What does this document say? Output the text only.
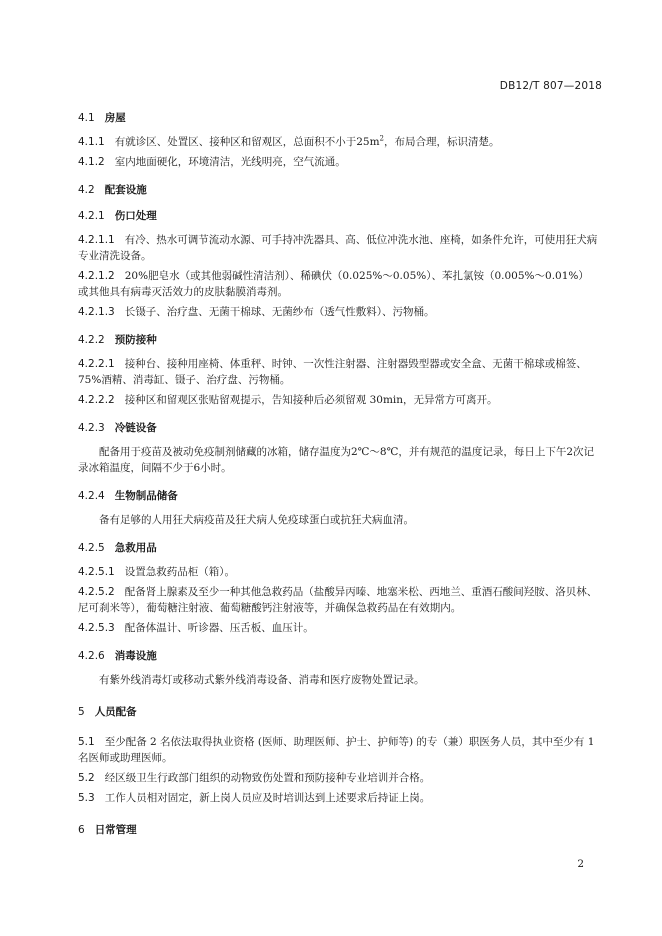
DB12/T 807—2018
4.1 房屋
4.1.1 有就诊区、处置区、接种区和留观区，总面积不小于$25m^2$，布局合理，标识清楚。
4.1.2 室内地面硬化，环境清洁，光线明亮，空气流通。
4.2 配套设施
4.2.1 伤口处理
4.2.1.1 有冷、热水可调节流动水源、可手持冲洗器具、高、低位冲洗水池、座椅，如条件允许，可使用狂犬病专业清洗设备。
4.2.1.2 20%肥皂水（或其他弱碱性清洁剂）、稀碘伏（0.025%～0.05%）、苯扎氯铵（0.005%～0.01%）或其他具有病毒灭活效力的皮肤黏膜消毒剂。
4.2.1.3 长镊子、治疗盘、无菌干棉球、无菌纱布（透气性敷料）、污物桶。
4.2.2 预防接种
4.2.2.1 接种台、接种用座椅、体重秤、时钟、一次性注射器、注射器毁型器或安全盒、无菌干棉球或棉签、75%酒精、消毒缸、镊子、治疗盘、污物桶。
4.2.2.2 接种区和留观区张贴留观提示，告知接种后必须留观 30min，无异常方可离开。
4.2.3 冷链设备
配备用于疫苗及被动免疫制剂储藏的冰箱，储存温度为2℃～8℃，并有规范的温度记录，每日上下午2次记录冰箱温度，间隔不少于6小时。
4.2.4 生物制品储备
备有足够的人用狂犬病疫苗及狂犬病人免疫球蛋白或抗狂犬病血清。
4.2.5 急救用品
4.2.5.1 设置急救药品柜（箱）。
4.2.5.2 配备肾上腺素及至少一种其他急救药品（盐酸异丙嗪、地塞米松、西地兰、重酒石酸间羟胺、洛贝林、尼可刹米等），葡萄糖注射液、葡萄糖酸钙注射液等，并确保急救药品在有效期内。
4.2.5.3 配备体温计、听诊器、压舌板、血压计。
4.2.6 消毒设施
有紫外线消毒灯或移动式紫外线消毒设备、消毒和医疗废物处置记录。
5 人员配备
5.1 至少配备 2 名依法取得执业资格 (医师、助理医师、护士、护师等) 的专（兼）职医务人员，其中至少有 1 名医师或助理医师。
5.2 经区级卫生行政部门组织的动物致伤处置和预防接种专业培训并合格。
5.3 工作人员相对固定，新上岗人员应及时培训达到上述要求后持证上岗。
6 日常管理
2
